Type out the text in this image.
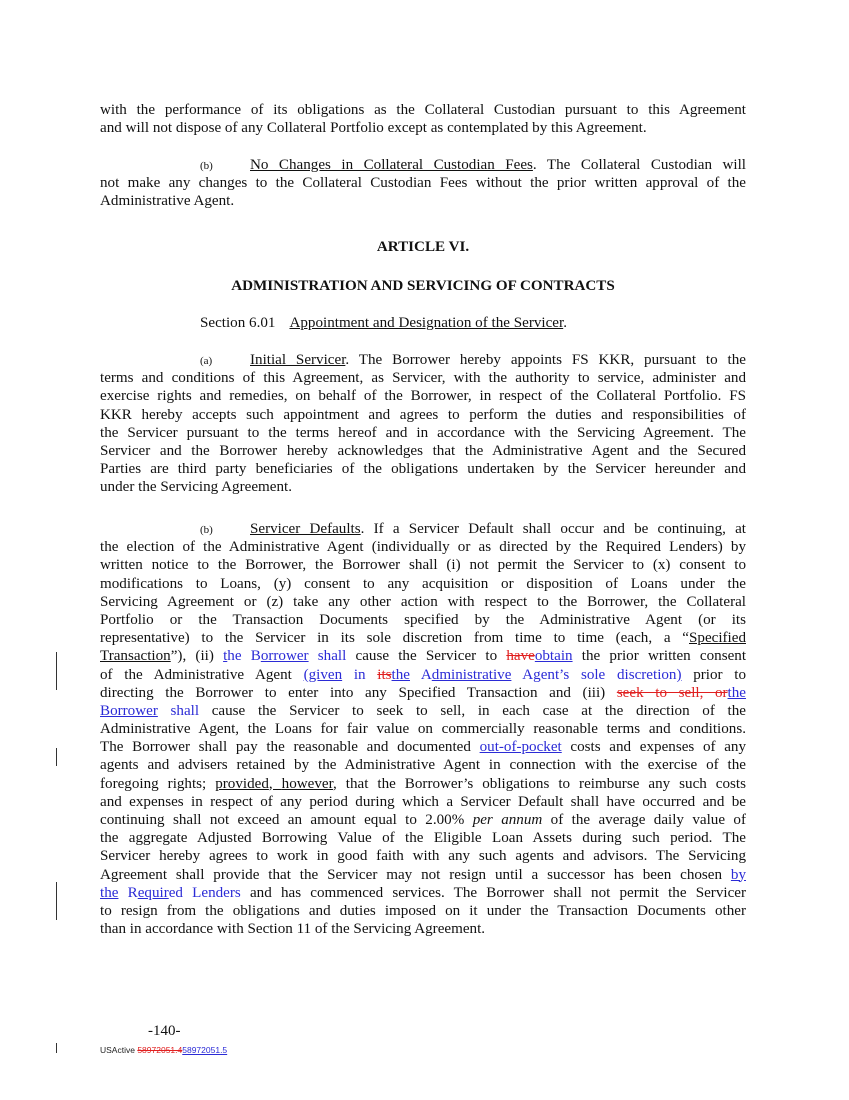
with the performance of its obligations as the Collateral Custodian pursuant to this Agreement
and will not dispose of any Collateral Portfolio except as contemplated by this Agreement.
(b) No Changes in Collateral Custodian Fees. The Collateral Custodian will
not make any changes to the Collateral Custodian Fees without the prior written approval of the
Administrative Agent.
ARTICLE VI.
ADMINISTRATION AND SERVICING OF CONTRACTS
Section 6.01 Appointment and Designation of the Servicer.
(a)	Initial Servicer. The Borrower hereby appoints FS KKR, pursuant to the
terms and conditions of this Agreement, as Servicer, with the authority to service, administer and
exercise rights and remedies, on behalf of the Borrower, in respect of the Collateral Portfolio. FS
KKR hereby accepts such appointment and agrees to perform the duties and responsibilities of
the Servicer pursuant to the terms hereof and in accordance with the Servicing Agreement. The
Servicer and the Borrower hereby acknowledges that the Administrative Agent and the Secured
Parties are third party beneficiaries of the obligations undertaken by the Servicer hereunder and
under the Servicing Agreement.
(b) Servicer Defaults. If a Servicer Default shall occur and be continuing, at
the election of the Administrative Agent (individually or as directed by the Required Lenders) by
written notice to the Borrower, the Borrower shall (i) not permit the Servicer to (x) consent to
modifications to Loans, (y) consent to any acquisition or disposition of Loans under the
Servicing Agreement or (z) take any other action with respect to the Borrower, the Collateral
Portfolio or the Transaction Documents specified by the Administrative Agent (or its
representative) to the Servicer in its sole discretion from time to time (each, a “Specified
Transaction”), (ii) the Borrower shall cause the Servicer to haveobtain the prior written consent
of the Administrative Agent (given in itsthe Administrative Agent’s sole discretion) prior to
directing the Borrower to enter into any Specified Transaction and (iii) seek to sell, orthe
Borrower shall cause the Servicer to seek to sell, in each case at the direction of the
Administrative Agent, the Loans for fair value on commercially reasonable terms and conditions.
The Borrower shall pay the reasonable and documented out-of-pocket costs and expenses of any
agents and advisers retained by the Administrative Agent in connection with the exercise of the
foregoing rights; provided, however, that the Borrower’s obligations to reimburse any such costs
and expenses in respect of any period during which a Servicer Default shall have occurred and be
continuing shall not exceed an amount equal to 2.00% per annum of the average daily value of
the aggregate Adjusted Borrowing Value of the Eligible Loan Assets during such period. The
Servicer hereby agrees to work in good faith with any such agents and advisors. The Servicing
Agreement shall provide that the Servicer may not resign until a successor has been chosen by
the Required Lenders and has commenced services. The Borrower shall not permit the Servicer
to resign from the obligations and duties imposed on it under the Transaction Documents other
than in accordance with Section 11 of the Servicing Agreement.
-140-
USActive 58972051.458972051.5
